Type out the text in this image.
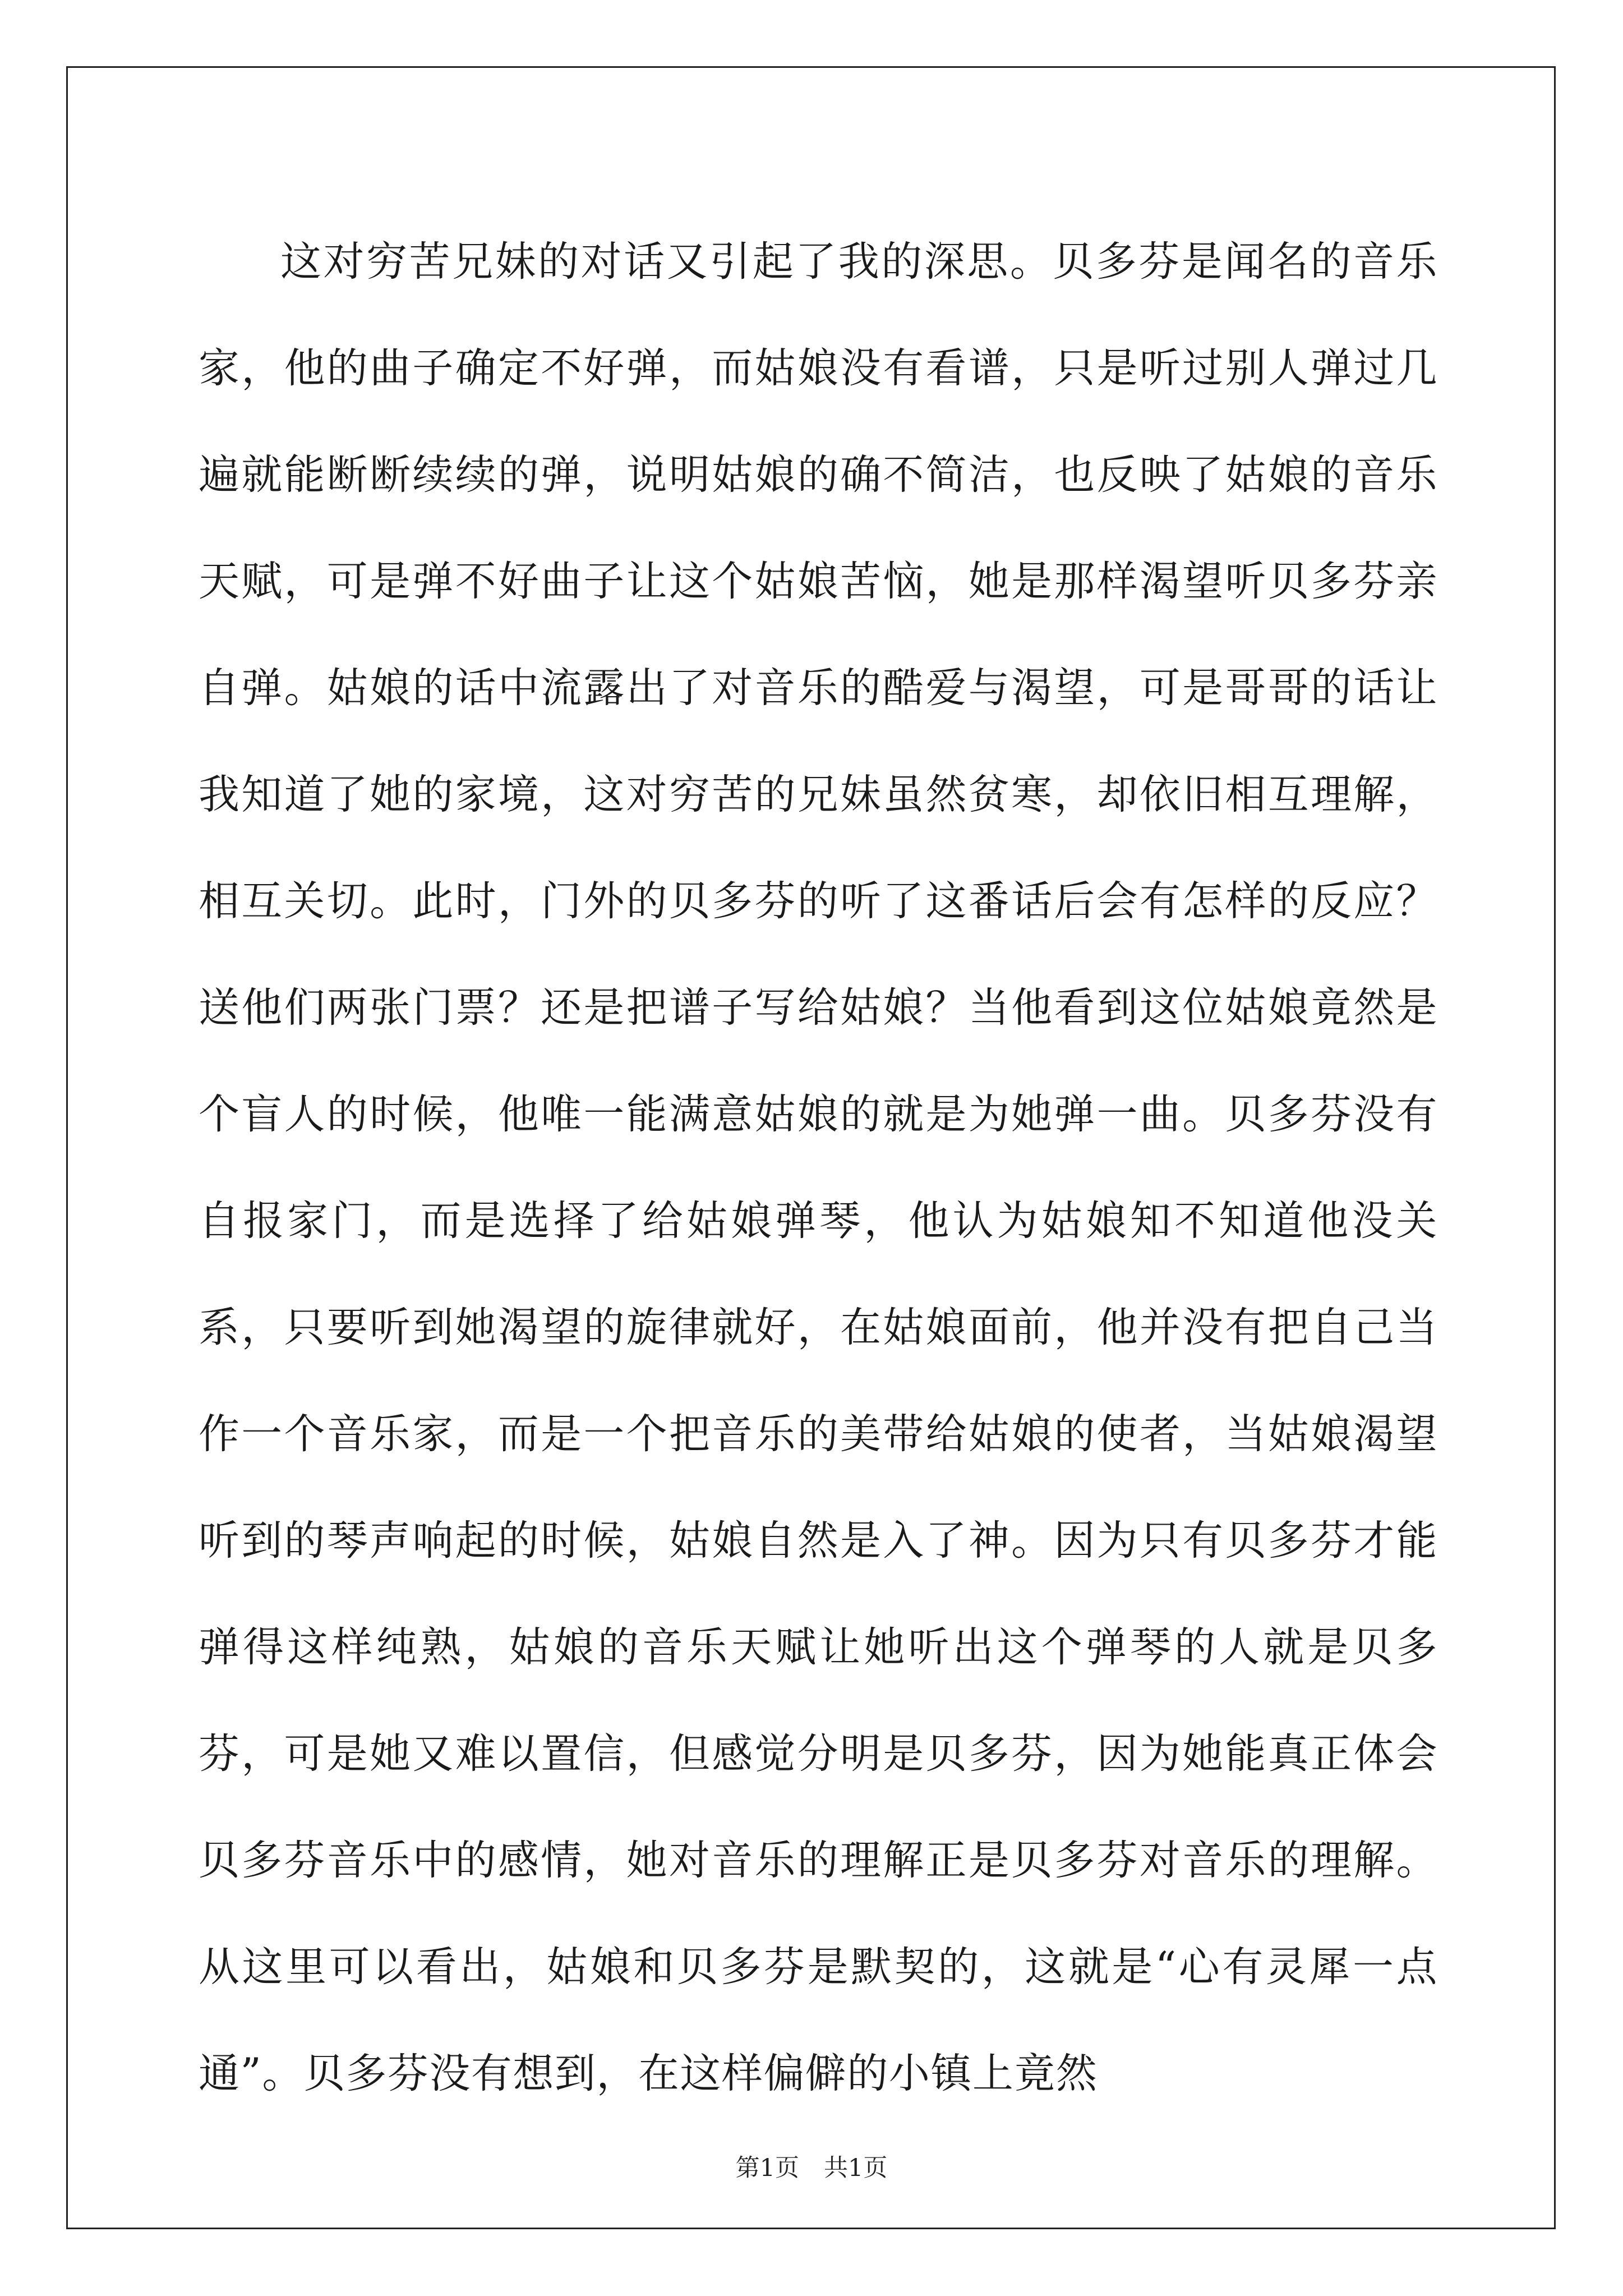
这对穷苦兄妹的对话又引起了我的深思。贝多芬是闻名的音乐家，他的曲子确定不好弹，而姑娘没有看谱，只是听过别人弹过几遍就能断断续续的弹，说明姑娘的确不简洁，也反映了姑娘的音乐天赋，可是弹不好曲子让这个姑娘苦恼，她是那样渴望听贝多芬亲自弹。姑娘的话中流露出了对音乐的酷爱与渴望，可是哥哥的话让我知道了她的家境，这对穷苦的兄妹虽然贫寒，却依旧相互理解，相互关切。此时，门外的贝多芬的听了这番话后会有怎样的反应？送他们两张门票？还是把谱子写给姑娘？当他看到这位姑娘竟然是个盲人的时候，他唯一能满意姑娘的就是为她弹一曲。贝多芬没有自报家门，而是选择了给姑娘弹琴，他认为姑娘知不知道他没关系，只要听到她渴望的旋律就好，在姑娘面前，他并没有把自己当作一个音乐家，而是一个把音乐的美带给姑娘的使者，当姑娘渴望听到的琴声响起的时候，姑娘自然是入了神。因为只有贝多芬才能弹得这样纯熟，姑娘的音乐天赋让她听出这个弹琴的人就是贝多芬，可是她又难以置信，但感觉分明是贝多芬，因为她能真正体会贝多芬音乐中的感情，她对音乐的理解正是贝多芬对音乐的理解。从这里可以看出，姑娘和贝多芬是默契的，这就是“心有灵犀一点通”。贝多芬没有想到，在这样偏僻的小镇上竟然

第1页 共1页
